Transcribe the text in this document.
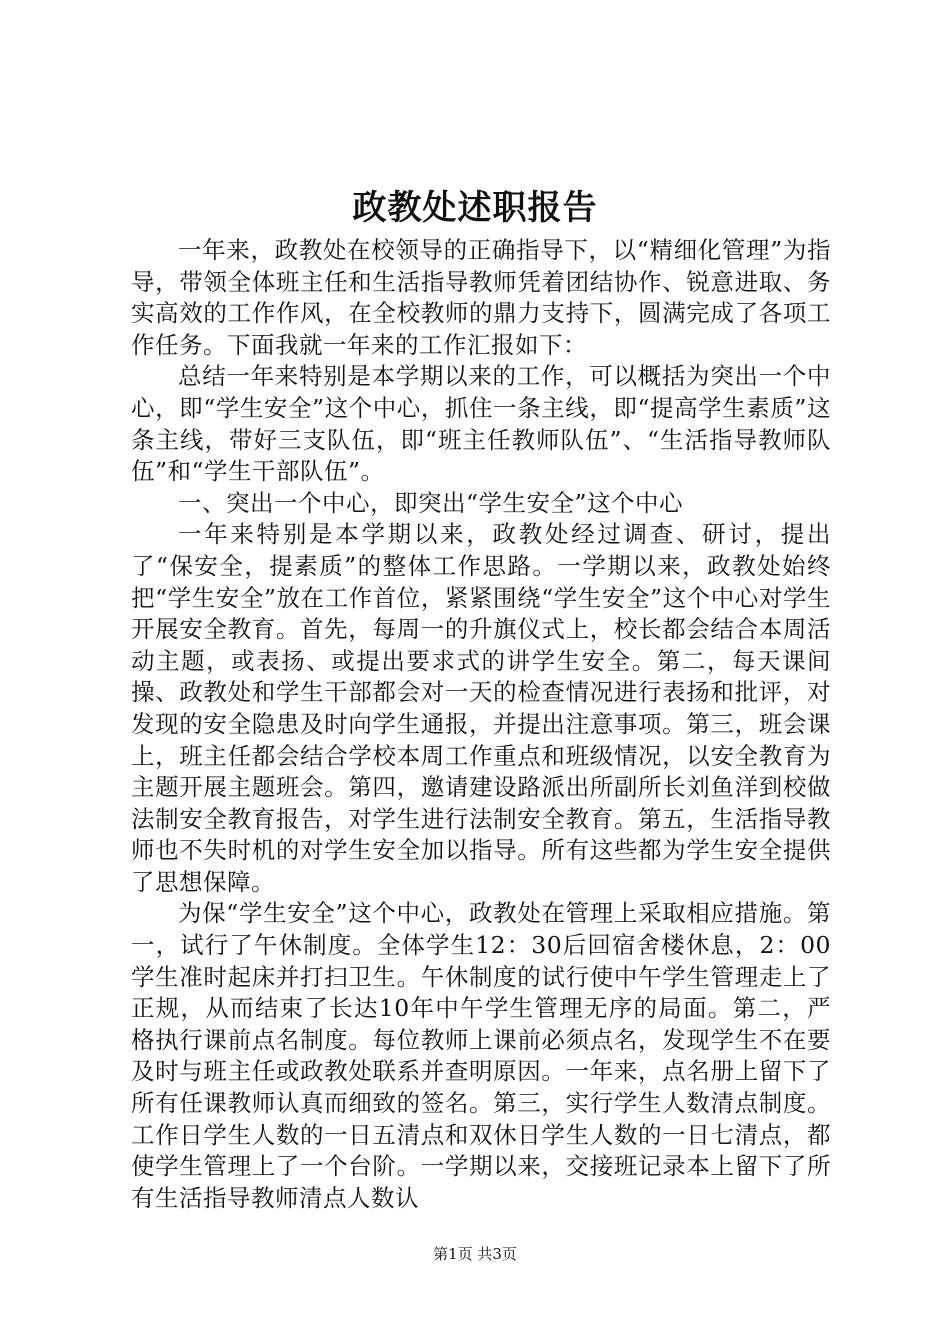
政教处述职报告

一年来，政教处在校领导的正确指导下，以“精细化管理”为指导，带领全体班主任和生活指导教师凭着团结协作、锐意进取、务实高效的工作作风，在全校教师的鼎力支持下，圆满完成了各项工作任务。下面我就一年来的工作汇报如下：

总结一年来特别是本学期以来的工作，可以概括为突出一个中心，即“学生安全”这个中心，抓住一条主线，即“提高学生素质”这条主线，带好三支队伍，即“班主任教师队伍”、“生活指导教师队伍”和“学生干部队伍”。

一、突出一个中心，即突出“学生安全”这个中心

一年来特别是本学期以来，政教处经过调查、研讨，提出了“保安全，提素质”的整体工作思路。一学期以来，政教处始终把“学生安全”放在工作首位，紧紧围绕“学生安全”这个中心对学生开展安全教育。首先，每周一的升旗仪式上，校长都会结合本周活动主题，或表扬、或提出要求式的讲学生安全。第二，每天课间操、政教处和学生干部都会对一天的检查情况进行表扬和批评，对发现的安全隐患及时向学生通报，并提出注意事项。第三，班会课上，班主任都会结合学校本周工作重点和班级情况，以安全教育为主题开展主题班会。第四，邀请建设路派出所副所长刘鱼洋到校做法制安全教育报告，对学生进行法制安全教育。第五，生活指导教师也不失时机的对学生安全加以指导。所有这些都为学生安全提供了思想保障。

为保“学生安全”这个中心，政教处在管理上采取相应措施。第一，试行了午休制度。全体学生12：30后回宿舍楼休息，2：00学生准时起床并打扫卫生。午休制度的试行使中午学生管理走上了正规，从而结束了长达10年中午学生管理无序的局面。第二，严格执行课前点名制度。每位教师上课前必须点名，发现学生不在要及时与班主任或政教处联系并查明原因。一年来，点名册上留下了所有任课教师认真而细致的签名。第三，实行学生人数清点制度。工作日学生人数的一日五清点和双休日学生人数的一日七清点，都使学生管理上了一个台阶。一学期以来，交接班记录本上留下了所有生活指导教师清点人数认

第1页 共3页
